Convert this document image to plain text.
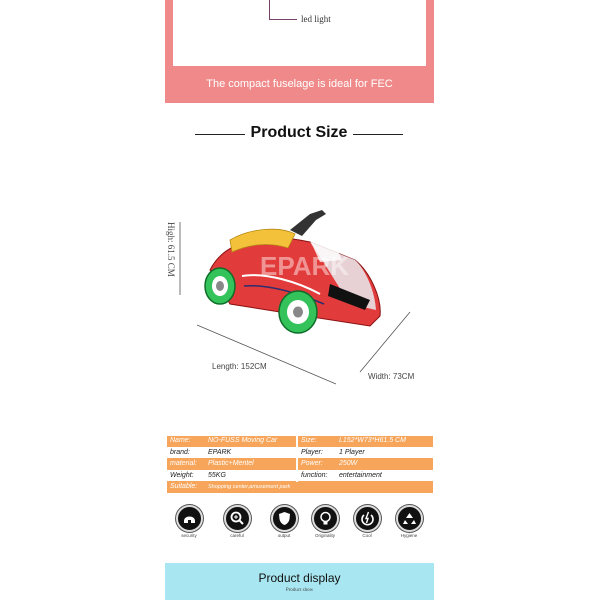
led light
The compact fuselage is ideal for FEC
Product Size
EPARK
High: 61.5 CM
Length: 152CM
Width: 73CM
Name:	NO-FUSS Moving Car	Size:	L152*W73*H61.5 CM
brand:	EPARK	Player:	1 Player
material:	Plastic+Mentel	Power:	250W
Weight:	55KG	function:	entertainment
Suitable:	Shopping center,amusement park
security	careful	output	Originality	Cool	Hygiene
Product display
Product show
